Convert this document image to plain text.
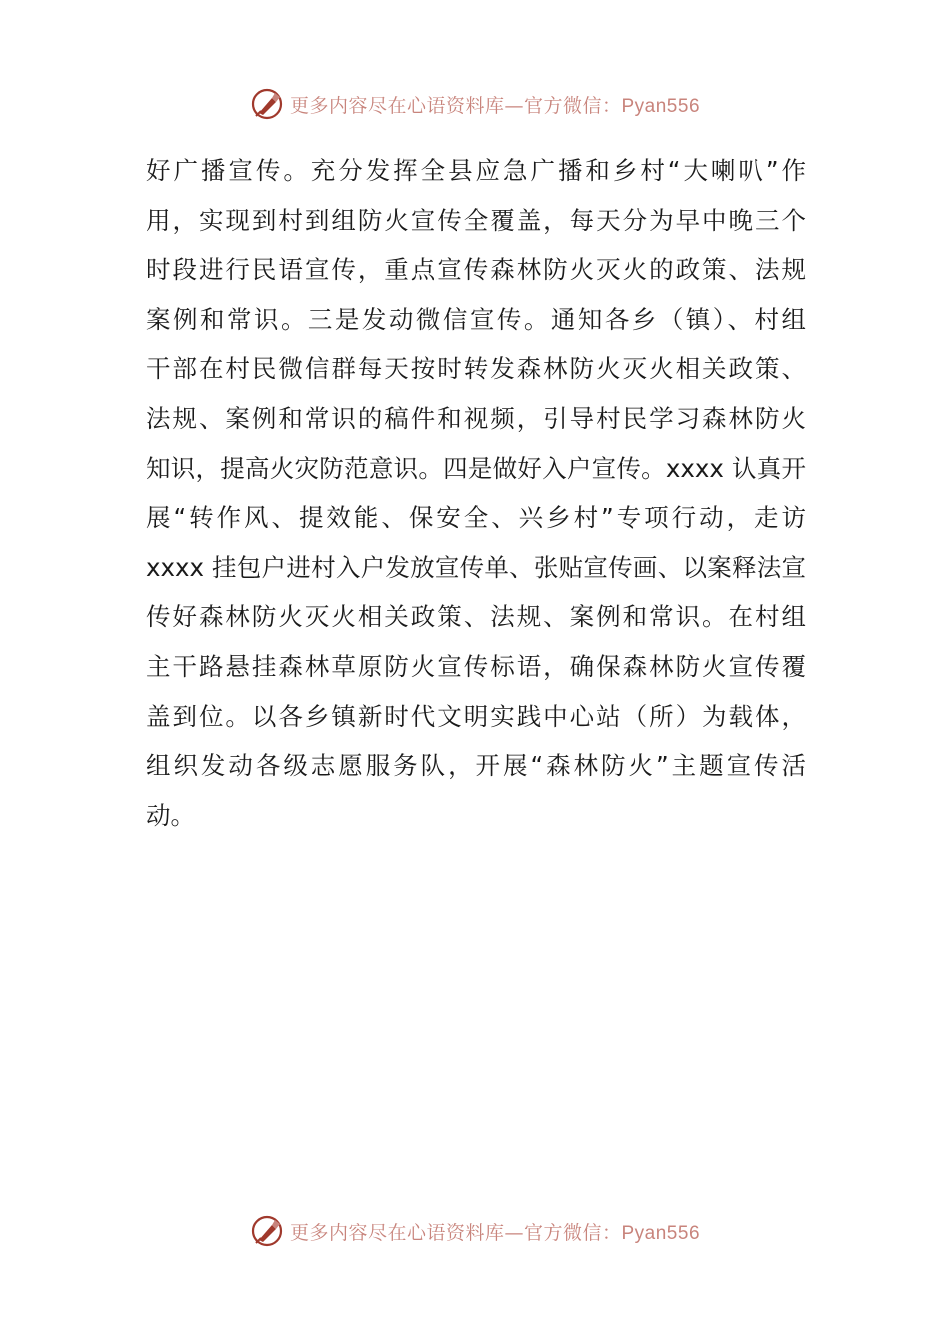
更多内容尽在心语资料库—官方微信：Pyan556
好广播宣传。充分发挥全县应急广播和乡村“大喇叭”作
用，实现到村到组防火宣传全覆盖，每天分为早中晚三个
时段进行民语宣传，重点宣传森林防火灭火的政策、法规
案例和常识。三是发动微信宣传。通知各乡（镇）、村组
干部在村民微信群每天按时转发森林防火灭火相关政策、
法规、案例和常识的稿件和视频，引导村民学习森林防火
知识，提高火灾防范意识。四是做好入户宣传。xxxx 认真开
展“转作风、提效能、保安全、兴乡村”专项行动，走访
xxxx 挂包户进村入户发放宣传单、张贴宣传画、以案释法宣
传好森林防火灭火相关政策、法规、案例和常识。在村组
主干路悬挂森林草原防火宣传标语，确保森林防火宣传覆
盖到位。以各乡镇新时代文明实践中心站（所）为载体，
组织发动各级志愿服务队，开展“森林防火”主题宣传活
动。
更多内容尽在心语资料库—官方微信：Pyan556
